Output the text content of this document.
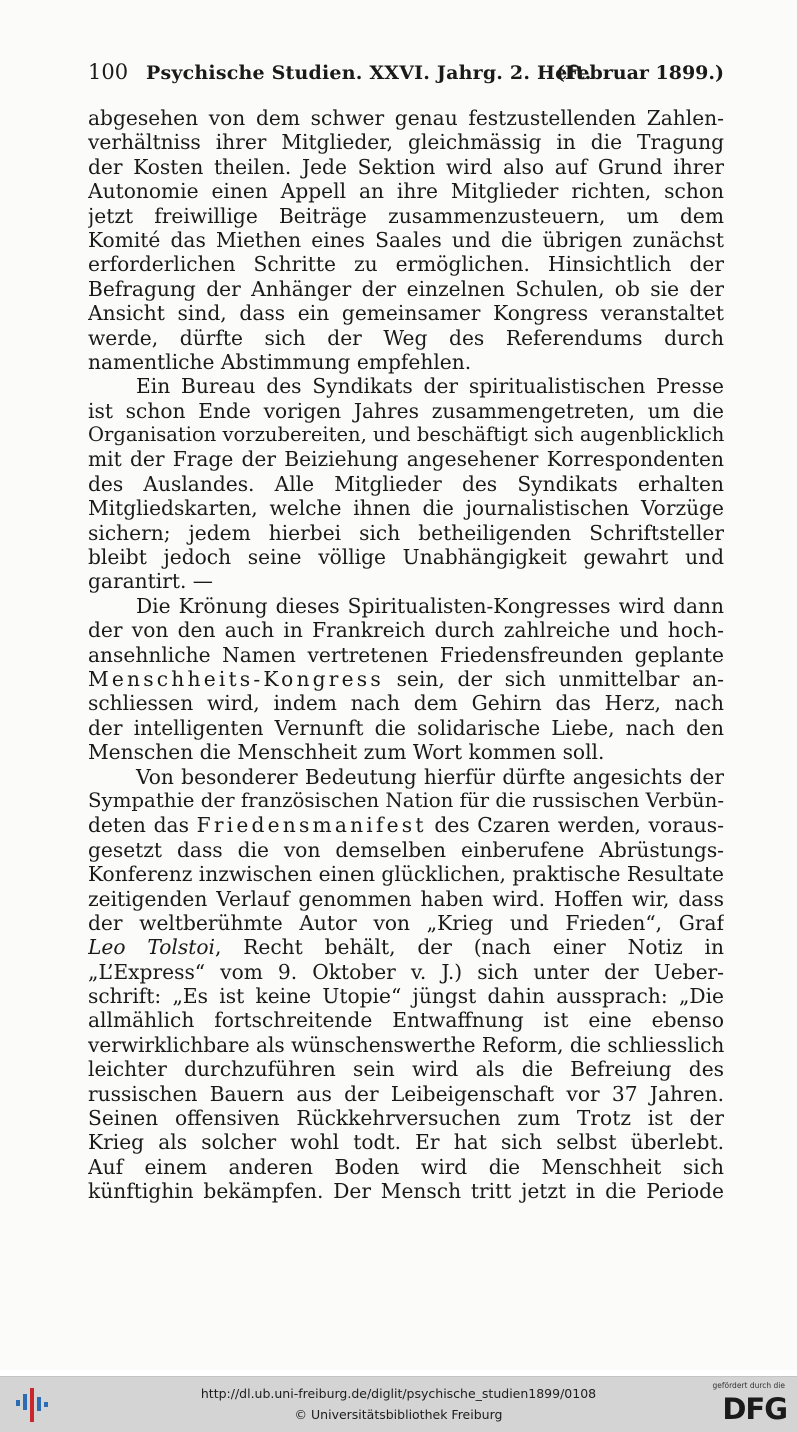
100 Psychische Studien. XXVI. Jahrg. 2. Heft.
(Februar 1899.)
abgesehen von dem schwer genau festzustellenden Zahlen-
verhältniss ihrer Mitglieder, gleichmässig in die Tragung
der Kosten theilen. Jede Sektion wird also auf Grund ihrer
Autonomie einen Appell an ihre Mitglieder richten, schon
jetzt freiwillige Beiträge zusammenzusteuern, um dem
Komité das Miethen eines Saales und die übrigen zunächst
erforderlichen Schritte zu ermöglichen. Hinsichtlich der
Befragung der Anhänger der einzelnen Schulen, ob sie der
Ansicht sind, dass ein gemeinsamer Kongress veranstaltet
werde, dürfte sich der Weg des Referendums durch
namentliche Abstimmung empfehlen.
Ein Bureau des Syndikats der spiritualistischen Presse
ist schon Ende vorigen Jahres zusammengetreten, um die
Organisation vorzubereiten, und beschäftigt sich augenblicklich
mit der Frage der Beiziehung angesehener Korrespondenten
des Auslandes. Alle Mitglieder des Syndikats erhalten
Mitgliedskarten, welche ihnen die journalistischen Vorzüge
sichern; jedem hierbei sich betheiligenden Schriftsteller
bleibt jedoch seine völlige Unabhängigkeit gewahrt und
garantirt. —
Die Krönung dieses Spiritualisten-Kongresses wird dann
der von den auch in Frankreich durch zahlreiche und hoch-
ansehnliche Namen vertretenen Friedensfreunden geplante
Menschheits-Kongress sein, der sich unmittelbar an-
schliessen wird, indem nach dem Gehirn das Herz, nach
der intelligenten Vernunft die solidarische Liebe, nach den
Menschen die Menschheit zum Wort kommen soll.
Von besonderer Bedeutung hierfür dürfte angesichts der
Sympathie der französischen Nation für die russischen Verbün-
deten das Friedensmanifest des Czaren werden, voraus-
gesetzt dass die von demselben einberufene Abrüstungs-
Konferenz inzwischen einen glücklichen, praktische Resultate
zeitigenden Verlauf genommen haben wird. Hoffen wir, dass
der weltberühmte Autor von „Krieg und Frieden“, Graf
Leo Tolstoi, Recht behält, der (nach einer Notiz in
„L’Express“ vom 9. Oktober v. J.) sich unter der Ueber-
schrift: „Es ist keine Utopie“ jüngst dahin aussprach: „Die
allmählich fortschreitende Entwaffnung ist eine ebenso
verwirklichbare als wünschenswerthe Reform, die schliesslich
leichter durchzuführen sein wird als die Befreiung des
russischen Bauern aus der Leibeigenschaft vor 37 Jahren.
Seinen offensiven Rückkehrversuchen zum Trotz ist der
Krieg als solcher wohl todt. Er hat sich selbst überlebt.
Auf einem anderen Boden wird die Menschheit sich
künftighin bekämpfen. Der Mensch tritt jetzt in die Periode
http://dl.ub.uni-freiburg.de/diglit/psychische_studien1899/0108
© Universitätsbibliothek Freiburg
gefördert durch die
DFG
